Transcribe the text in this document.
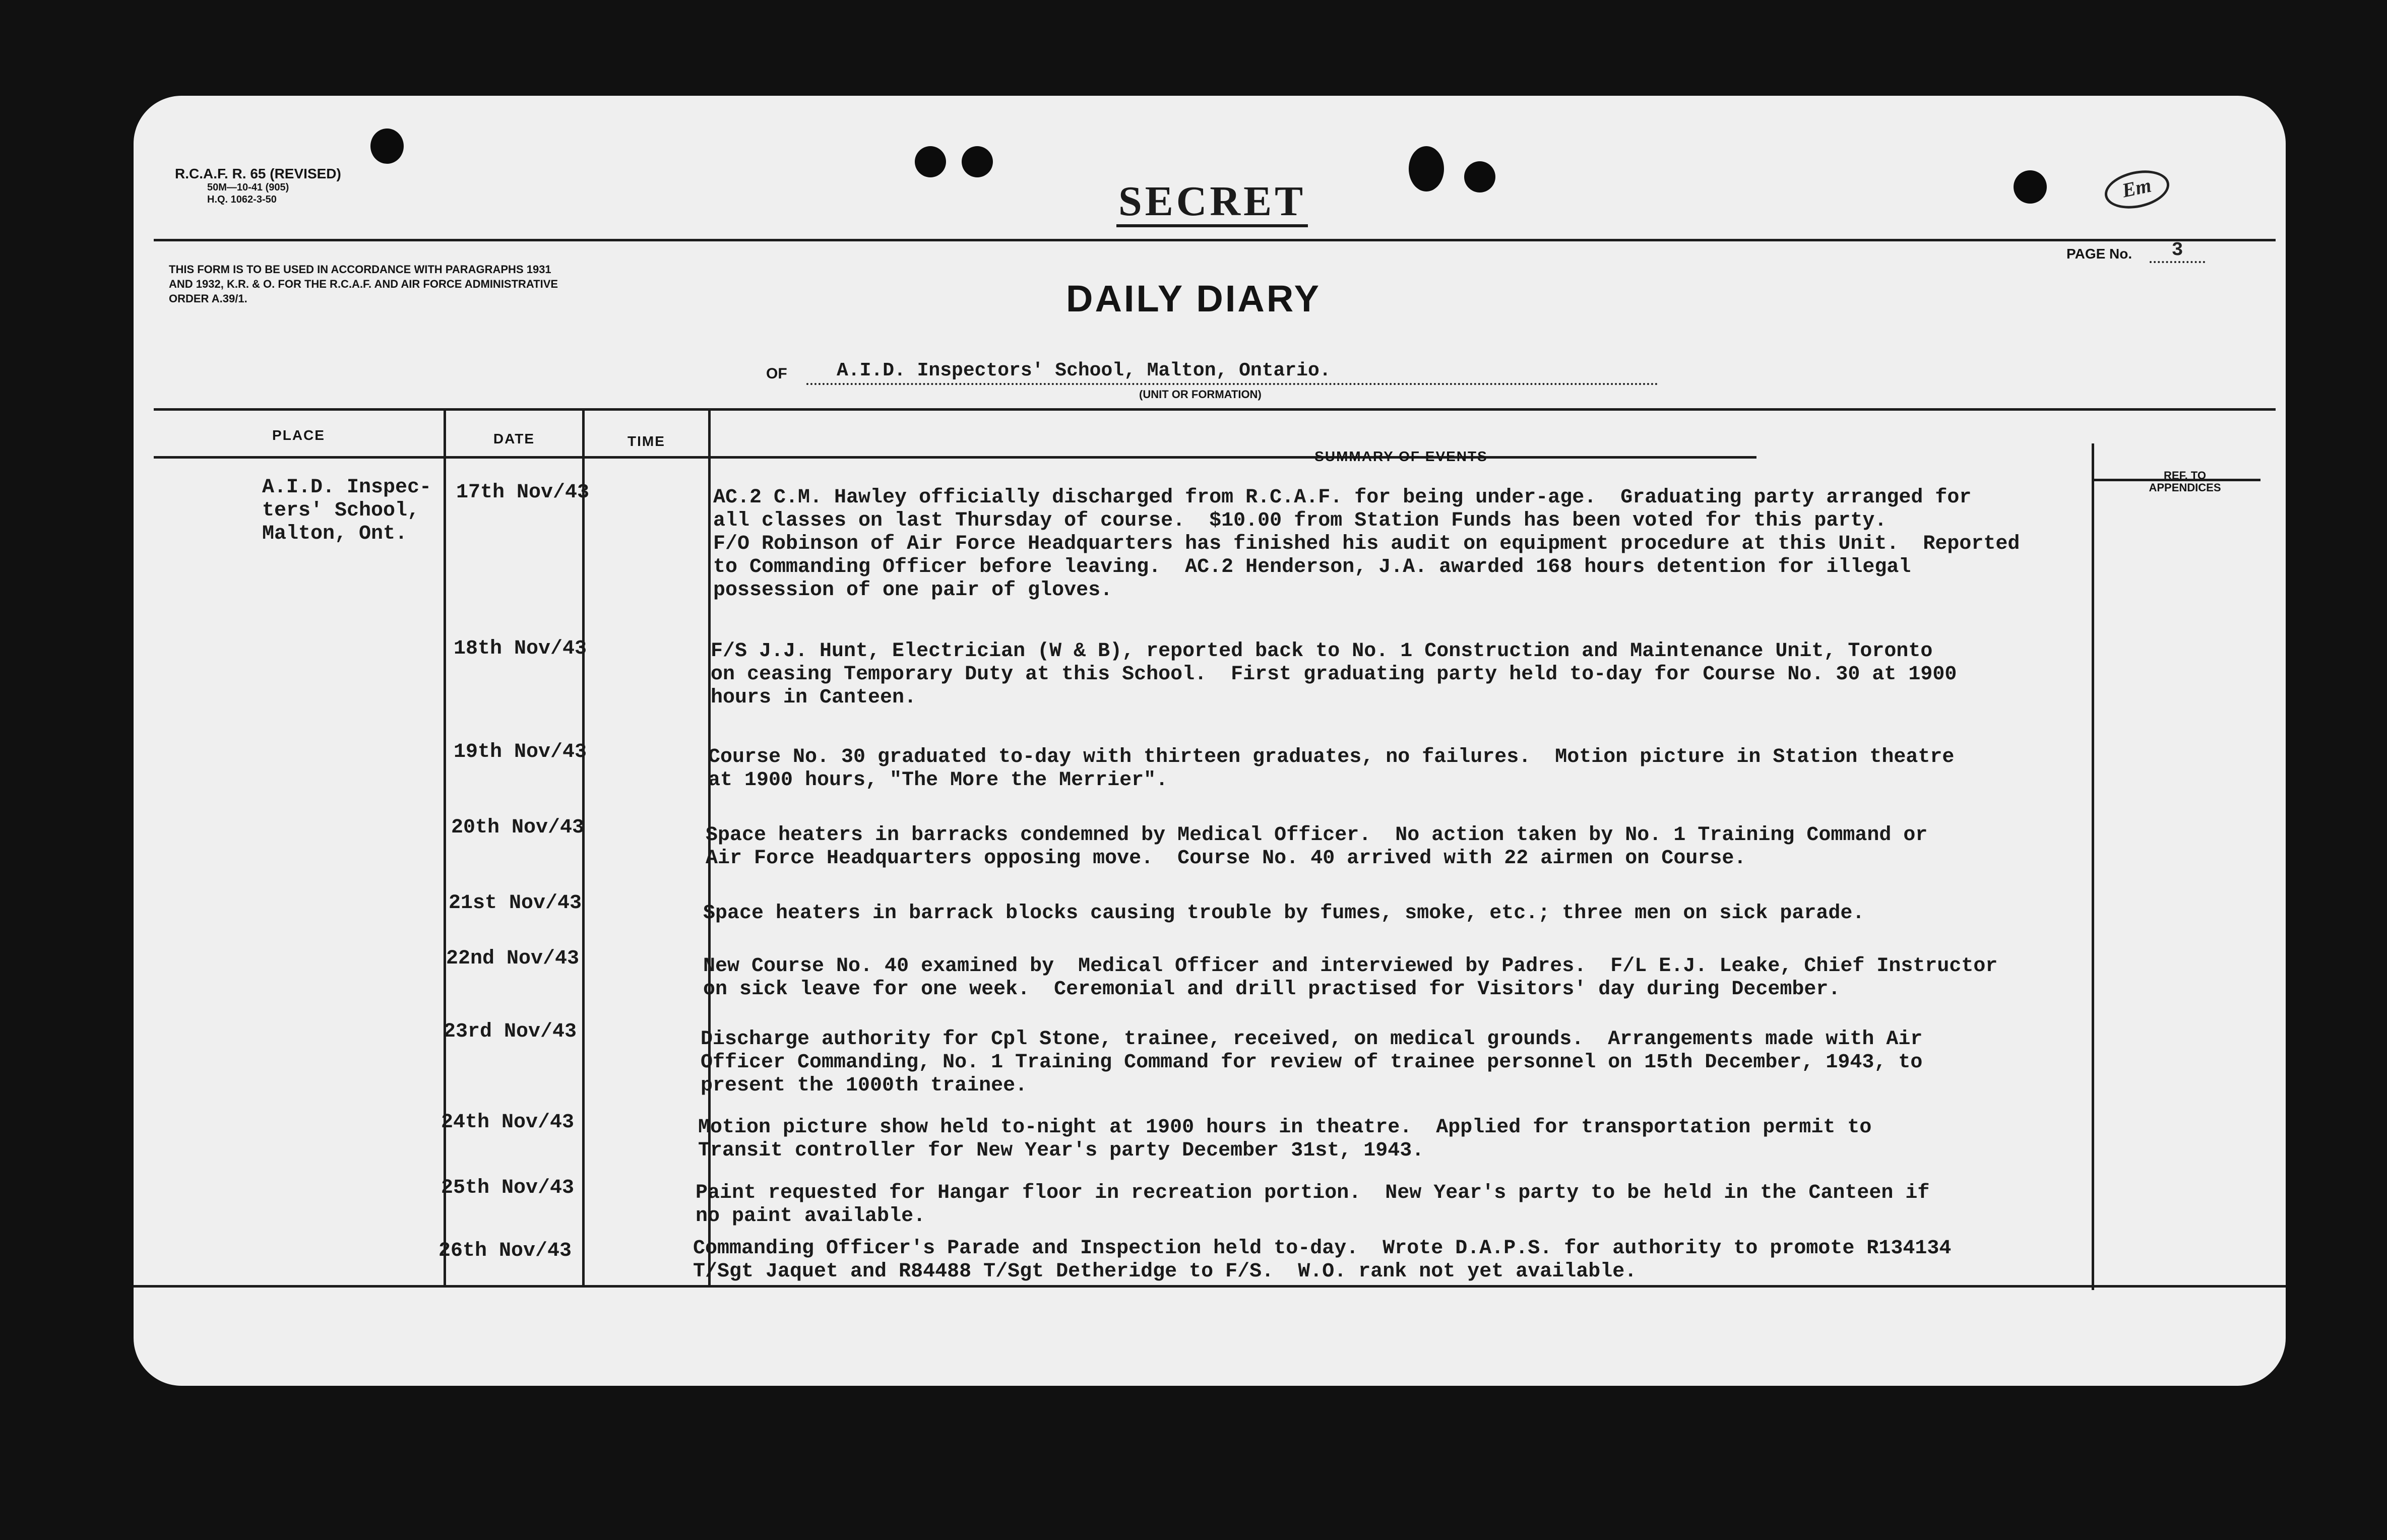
R.C.A.F. R. 65 (REVISED)
50M—10-41 (905)
H.Q. 1062-3-50	SECRET	Em
PAGE No.	3
THIS FORM IS TO BE USED IN ACCORDANCE WITH PARAGRAPHS 1931 AND 1932, K.R. & O. FOR THE R.C.A.F. AND AIR FORCE ADMINISTRATIVE ORDER A.39/1.	DAILY DIARY
OF	A.I.D. Inspectors' School, Malton, Ontario.
(UNIT OR FORMATION)
PLACE	DATE	TIME
SUMMARY OF EVENTS
REF. TO APPENDICES
A.I.D. Inspec-
ters' School,
Malton, Ont.
17th Nov/43	AC.2 C.M. Hawley officially discharged from R.C.A.F. for being under-age.  Graduating party arranged for
all classes on last Thursday of course.  $10.00 from Station Funds has been voted for this party.
F/O Robinson of Air Force Headquarters has finished his audit on equipment procedure at this Unit.  Reported
to Commanding Officer before leaving.  AC.2 Henderson, J.A. awarded 168 hours detention for illegal
possession of one pair of gloves.
18th Nov/43	F/S J.J. Hunt, Electrician (W & B), reported back to No. 1 Construction and Maintenance Unit, Toronto
on ceasing Temporary Duty at this School.  First graduating party held to-day for Course No. 30 at 1900
hours in Canteen.
19th Nov/43	Course No. 30 graduated to-day with thirteen graduates, no failures.  Motion picture in Station theatre
at 1900 hours, "The More the Merrier".
20th Nov/43	Space heaters in barracks condemned by Medical Officer.  No action taken by No. 1 Training Command or
Air Force Headquarters opposing move.  Course No. 40 arrived with 22 airmen on Course.
21st Nov/43	Space heaters in barrack blocks causing trouble by fumes, smoke, etc.; three men on sick parade.
22nd Nov/43	New Course No. 40 examined by  Medical Officer and interviewed by Padres.  F/L E.J. Leake, Chief Instructor
on sick leave for one week.  Ceremonial and drill practised for Visitors' day during December.
23rd Nov/43	Discharge authority for Cpl Stone, trainee, received, on medical grounds.  Arrangements made with Air
Officer Commanding, No. 1 Training Command for review of trainee personnel on 15th December, 1943, to
present the 1000th trainee.
24th Nov/43	Motion picture show held to-night at 1900 hours in theatre.  Applied for transportation permit to
Transit controller for New Year's party December 31st, 1943.
25th Nov/43	Paint requested for Hangar floor in recreation portion.  New Year's party to be held in the Canteen if
no paint available.
26th Nov/43	Commanding Officer's Parade and Inspection held to-day.  Wrote D.A.P.S. for authority to promote R134134
T/Sgt Jaquet and R84488 T/Sgt Detheridge to F/S.  W.O. rank not yet available.
